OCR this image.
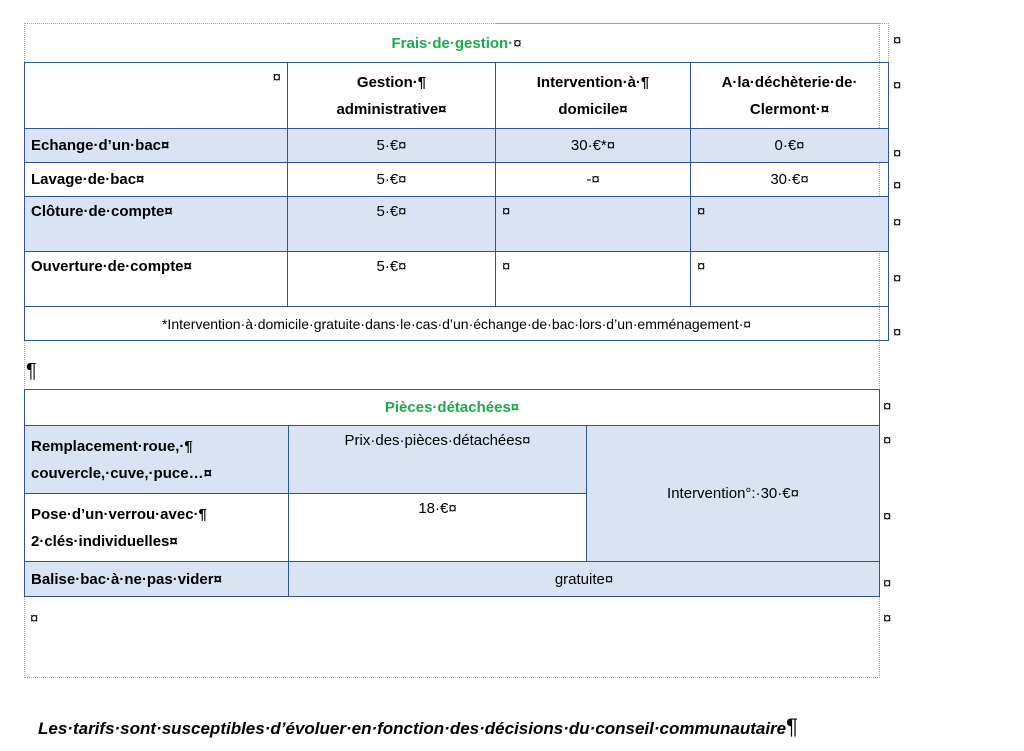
Frais·de·gestion·¤			
¤	Gestion·¶
administrative¤	Intervention·à·¶
domicile¤	A·la·déchèterie·de·
Clermont·¤

Echange·d’un·bac¤	5·€¤	30·€*¤	0·€¤
Lavage·de·bac¤	5·€¤	-¤	30·€¤
Clôture·de·compte¤	5·€¤	¤	¤
Ouverture·de·compte¤	5·€¤	¤	¤
*Intervention·à·domicile·gratuite·dans·le·cas·d’un·échange·de·bac·lors·d’un·emménagement·¤			
¤
¤
¤
¤
¤
¤
¤
¶
Pièces·détachées¤		

Remplacement·roue,·¶
couvercle,·cuve,·puce…¤	Prix·des·pièces·détachées¤	Intervention°:·30·€¤

Pose·d’un·verrou·avec·¶
2·clés·individuelles¤	18·€¤	
Balise·bac·à·ne·pas·vider¤	gratuite¤	
¤
¤
¤
¤
¤
¤
Les·tarifs·sont·susceptibles·d’évoluer·en·fonction·des·décisions·du·conseil·communautaire¶
